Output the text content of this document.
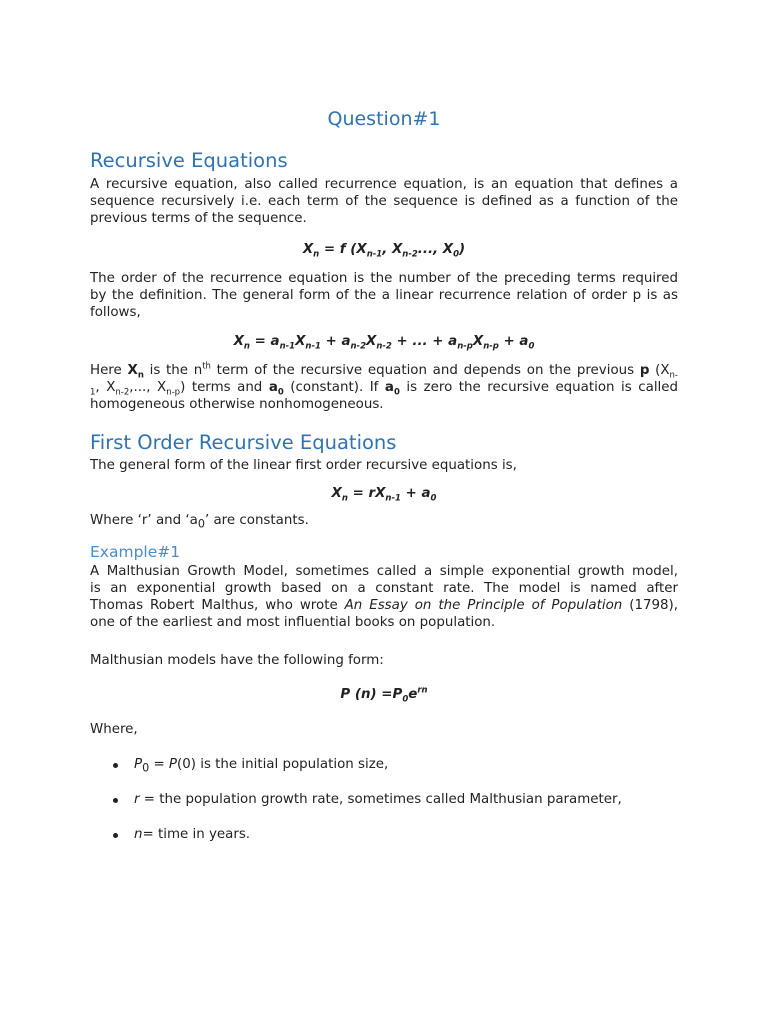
Question#1
Recursive Equations

A recursive equation, also called recurrence equation, is an equation that defines a
sequence recursively i.e. each term of the sequence is defined as a function of the
previous terms of the sequence.

$X_n = f$ ($X_{n-1}$, $X_{n-2}$..., $X_0$)

The order of the recurrence equation is the number of the preceding terms required
by the definition. The general form of the a linear recurrence relation of order p is as
follows,

$X_n = a_{n-1}X_{n-1} + a_{n-2}X_{n-2}$ + ... + $a_{n-p}X_{n-p} + a_0$

Here $X_n$ is the $n^{th}$ term of the recursive equation and depends on the previous p ($X_{n-}$
$_1$, $X_{n-2}$,..., $X_{n-p}$) terms and $a_0$ (constant). If $a_0$ is zero the recursive equation is called
homogeneous otherwise nonhomogeneous.

First Order Recursive Equations

The general form of the linear first order recursive equations is,

$X_n = rX_{n-1} + a_0$

Where ‘r’ and ‘$a_0$’ are constants.

Example#1

A Malthusian Growth Model, sometimes called a simple exponential growth model,
is an exponential growth based on a constant rate. The model is named after
Thomas Robert Malthus, who wrote An Essay on the Principle of Population (1798),
one of the earliest and most influential books on population.

Malthusian models have the following form:

P $(n) =P_0e^{rn}$

Where,

$P_0 = P(0)$ is the initial population size,
r = the population growth rate, sometimes called Malthusian parameter,
n= time in years.
